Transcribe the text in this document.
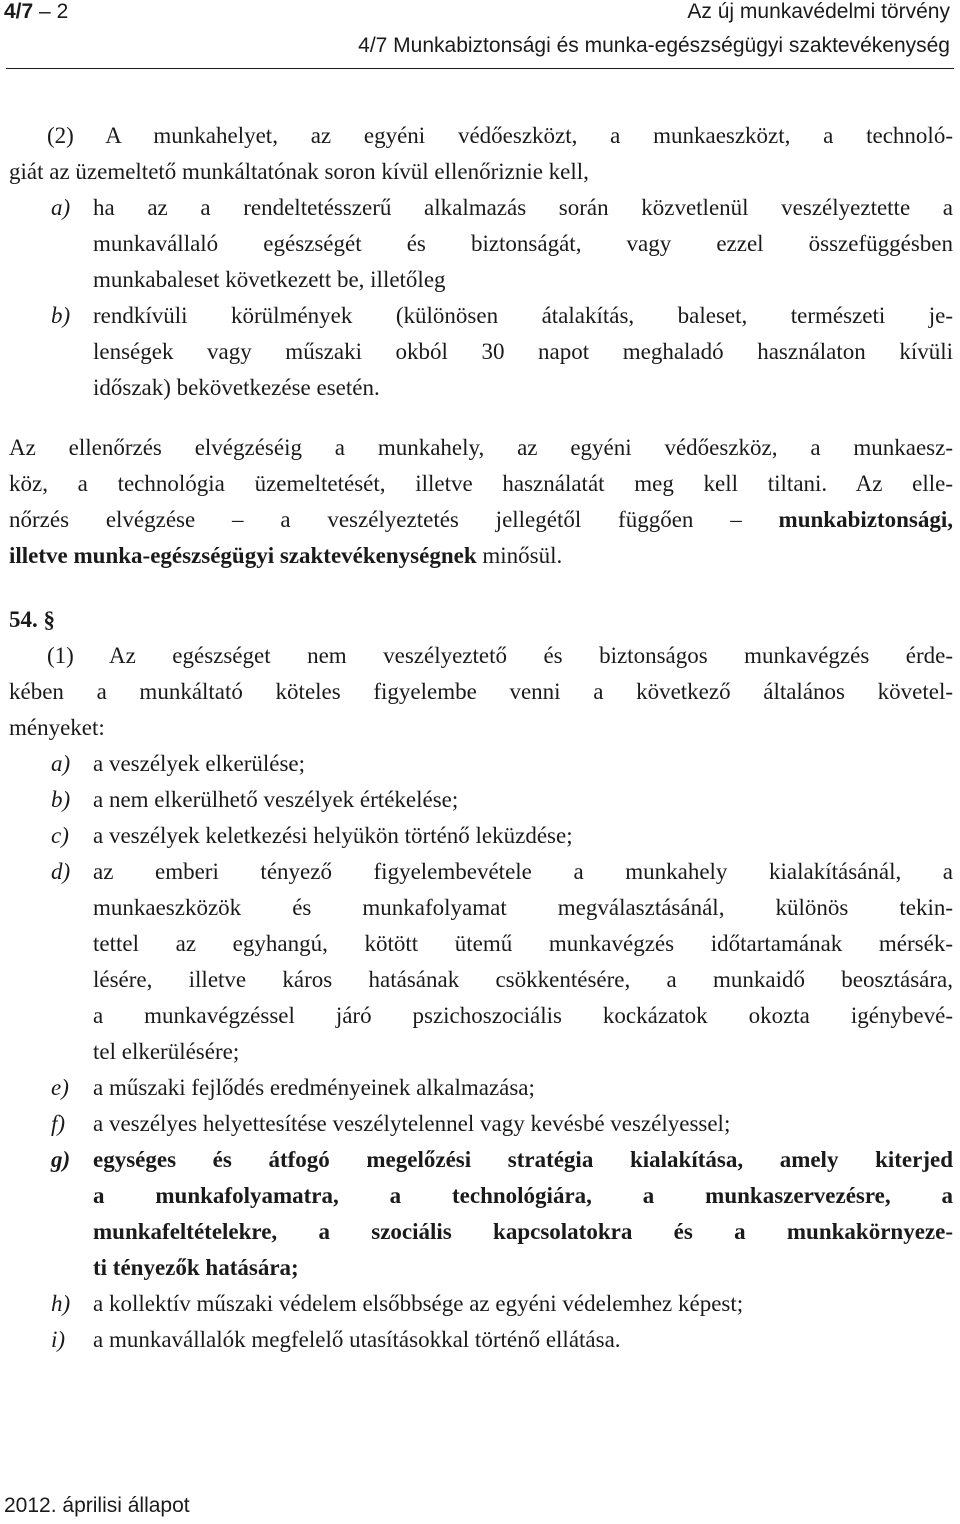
4/7 – 2	Az új munkavédelmi törvény
4/7 Munkabiztonsági és munka-egészségügyi szaktevékenység
(2) A munkahelyet, az egyéni védőeszközt, a munkaeszközt, a technoló-
giát az üzemeltető munkáltatónak soron kívül ellenőriznie kell,
a) ha az a rendeltetésszerű alkalmazás során közvetlenül veszélyeztette a
munkavállaló egészségét és biztonságát, vagy ezzel összefüggésben
munkabaleset következett be, illetőleg
b) rendkívüli körülmények (különösen átalakítás, baleset, természeti je-
lenségek vagy műszaki okból 30 napot meghaladó használaton kívüli
időszak) bekövetkezése esetén.
Az ellenőrzés elvégzéséig a munkahely, az egyéni védőeszköz, a munkaesz-
köz, a technológia üzemeltetését, illetve használatát meg kell tiltani. Az elle-
nőrzés elvégzése – a veszélyeztetés jellegétől függően – munkabiztonsági,
illetve munka-egészségügyi szaktevékenységnek minősül.
54. §
(1) Az egészséget nem veszélyeztető és biztonságos munkavégzés érde-
kében a munkáltató köteles figyelembe venni a következő általános követel-
ményeket:
a) a veszélyek elkerülése;
b) a nem elkerülhető veszélyek értékelése;
c) a veszélyek keletkezési helyükön történő leküzdése;
d) az emberi tényező figyelembevétele a munkahely kialakításánál, a
munkaeszközök és munkafolyamat megválasztásánál, különös tekin-
tettel az egyhangú, kötött ütemű munkavégzés időtartamának mérsék-
lésére, illetve káros hatásának csökkentésére, a munkaidő beosztására,
a munkavégzéssel járó pszichoszociális kockázatok okozta igénybevé-
tel elkerülésére;
e) a műszaki fejlődés eredményeinek alkalmazása;
f) a veszélyes helyettesítése veszélytelennel vagy kevésbé veszélyessel;
g) egységes és átfogó megelőzési stratégia kialakítása, amely kiterjed
a munkafolyamatra, a technológiára, a munkaszervezésre, a
munkafeltételekre, a szociális kapcsolatokra és a munkakörnyeze-
ti tényezők hatására;
h) a kollektív műszaki védelem elsőbbsége az egyéni védelemhez képest;
i) a munkavállalók megfelelő utasításokkal történő ellátása.
2012. áprilisi állapot
